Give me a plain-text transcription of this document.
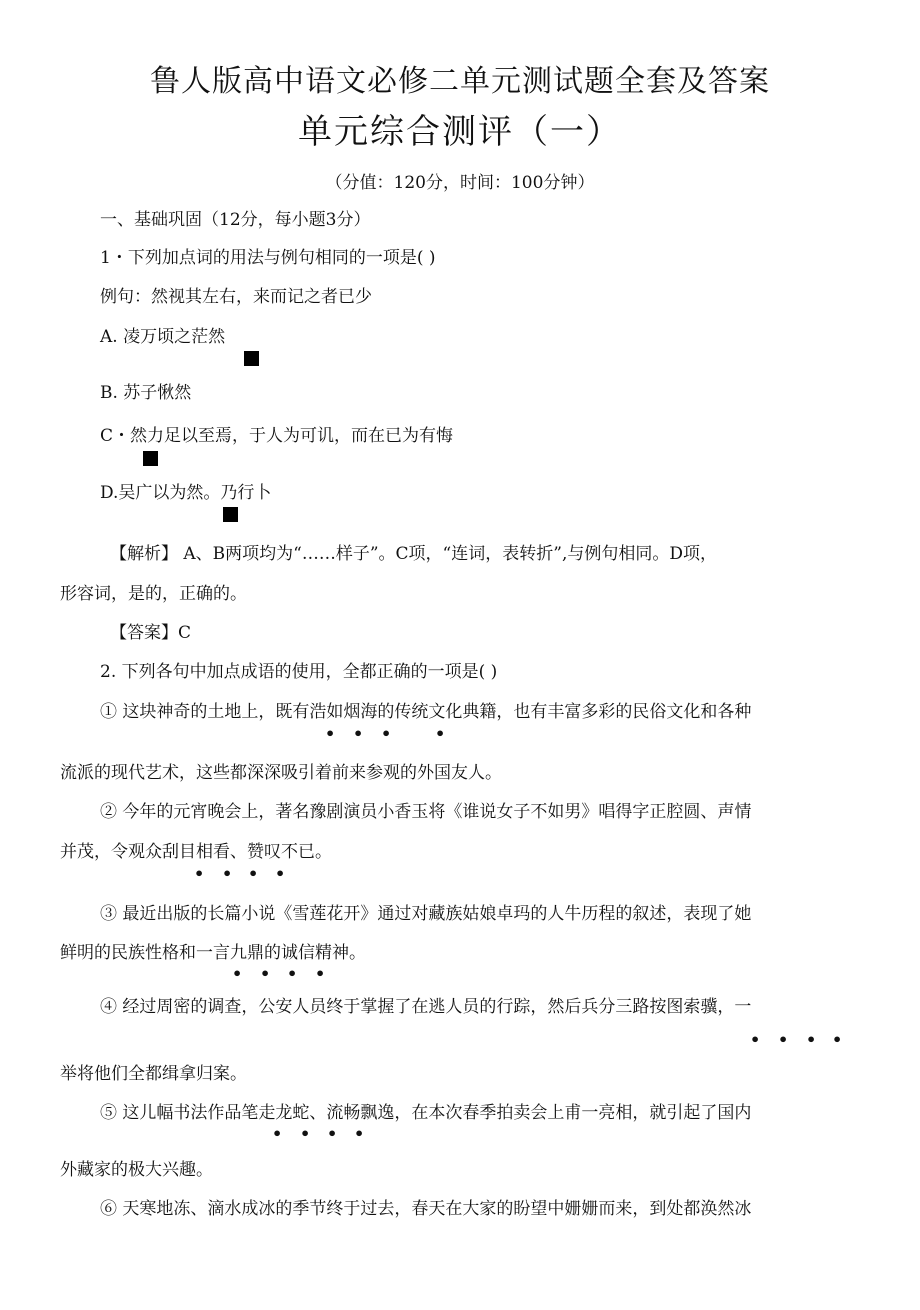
鲁人版高中语文必修二单元测试题全套及答案

单元综合测评（一）

（分值：120分，时间：100分钟）

一、基础巩固（12分，每小题3分）

1・下列加点词的用法与例句相同的一项是( )

例句：然视其左右，来而记之者已少

A. 凌万顷之茫然

B. 苏子愀然

C・然力足以至焉，于人为可讥，而在已为有悔

D.吴广以为然。乃行卜

【解析】 A、B两项均为“……样子”。C项，“连词，表转折”,与例句相同。D项，

形容词，是的，正确的。

【答案】C

2. 下列各句中加点成语的使用，全都正确的一项是( )

① 这块神奇的土地上，既有浩如烟海的传统文化典籍，也有丰富多彩的民俗文化和各种

• • •	•

流派的现代艺术，这些都深深吸引着前来参观的外国友人。

② 今年的元宵晚会上，著名豫剧演员小香玉将《谁说女子不如男》唱得字正腔圆、声情

并茂，令观众刮目相看、赞叹不已。

• • • •

③ 最近出版的长篇小说《雪莲花开》通过对藏族姑娘卓玛的人牛历程的叙述，表现了她

鲜明的民族性格和一言九鼎的诚信精神。

• • • •

④ 经过周密的调查，公安人员终于掌握了在逃人员的行踪，然后兵分三路按图索骥，一

• • • •

举将他们全都缉拿归案。

⑤ 这儿幅书法作品笔走龙蛇、流畅飘逸，在本次春季拍卖会上甫一亮相，就引起了国内

• • • •

外藏家的极大兴趣。

⑥ 天寒地冻、滴水成冰的季节终于过去，春天在大家的盼望中姗姗而来，到处都涣然冰
